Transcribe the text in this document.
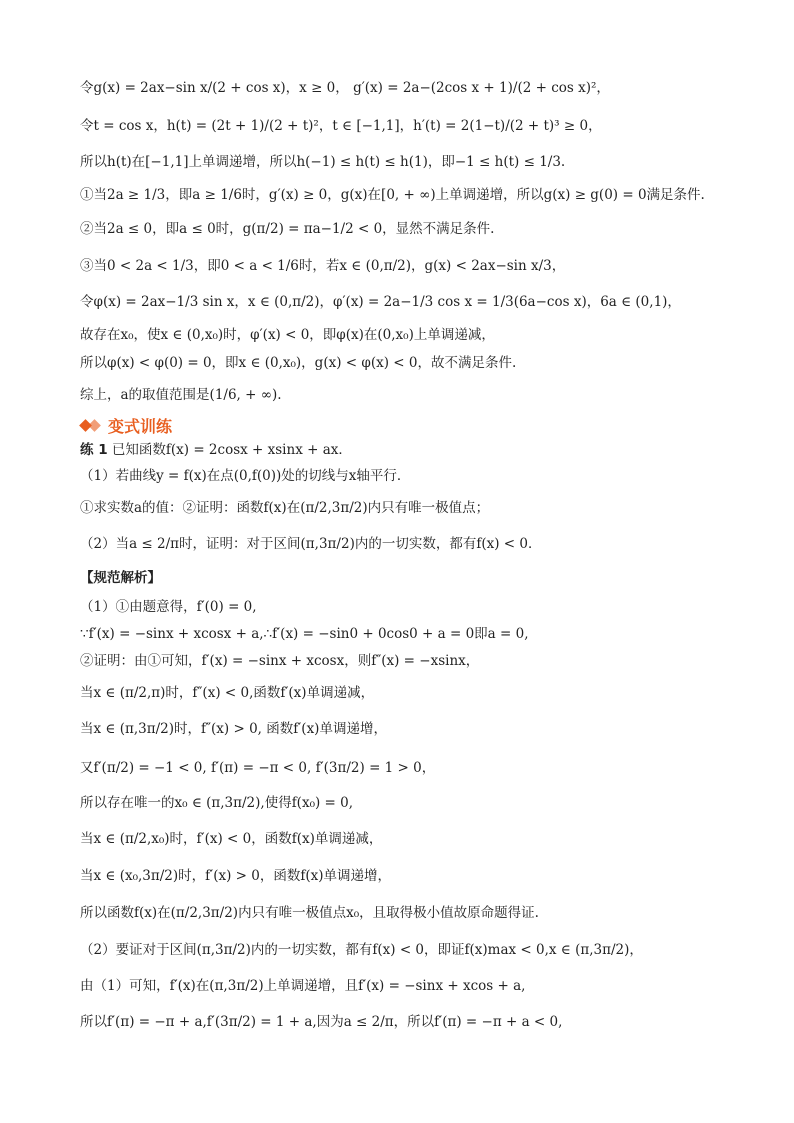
令g(x) = 2ax−sin x/(2 + cos x)，x ≥ 0， g′(x) = 2a−(2cos x + 1)/(2 + cos x)²，
令t = cos x，h(t) = (2t + 1)/(2 + t)²，t ∈ [−1,1]，h′(t) = 2(1−t)/(2 + t)³ ≥ 0，
所以h(t)在[−1,1]上单调递增，所以h(−1) ≤ h(t) ≤ h(1)，即−1 ≤ h(t) ≤ 1/3.
①当2a ≥ 1/3，即a ≥ 1/6时，g′(x) ≥ 0，g(x)在[0, + ∞)上单调递增，所以g(x) ≥ g(0) = 0满足条件.
②当2a ≤ 0，即a ≤ 0时，g(π/2) = πa−1/2 < 0，显然不满足条件.
③当0 < 2a < 1/3，即0 < a < 1/6时，若x ∈ (0,π/2)，g(x) < 2ax−sin x/3，
令φ(x) = 2ax−1/3 sin x，x ∈ (0,π/2)，φ′(x) = 2a−1/3 cos x = 1/3(6a−cos x)，6a ∈ (0,1)，
故存在x₀，使x ∈ (0,x₀)时，φ′(x) < 0，即φ(x)在(0,x₀)上单调递减，
所以φ(x) < φ(0) = 0，即x ∈ (0,x₀)，g(x) < φ(x) < 0，故不满足条件.
综上，a的取值范围是(1/6, + ∞).
变式训练
练 1 已知函数f(x) = 2cosx + xsinx + ax．
（1）若曲线y = f(x)在点(0,f(0))处的切线与x轴平行．
①求实数a的值：②证明：函数f(x)在(π/2,3π/2)内只有唯一极值点；
（2）当a ≤ 2/π时，证明：对于区间(π,3π/2)内的一切实数，都有f(x) < 0．
【规范解析】
（1）①由题意得，f′(0) = 0,
∵f′(x) = −sinx + xcosx + a,∴f′(x) = −sin0 + 0cos0 + a = 0即a = 0,
②证明：由①可知，f′(x) = −sinx + xcosx，则f″(x) = −xsinx，
当x ∈ (π/2,π)时，f″(x) < 0,函数f′(x)单调递减，
当x ∈ (π,3π/2)时，f″(x) > 0, 函数f′(x)单调递增，
又f′(π/2) = −1 < 0, f′(π) = −π < 0, f′(3π/2) = 1 > 0，
所以存在唯一的x₀ ∈ (π,3π/2),使得f(x₀) = 0,
当x ∈ (π/2,x₀)时，f′(x) < 0，函数f(x)单调递减，
当x ∈ (x₀,3π/2)时，f′(x) > 0，函数f(x)单调递增，
所以函数f(x)在(π/2,3π/2)内只有唯一极值点x₀，且取得极小值故原命题得证.
（2）要证对于区间(π,3π/2)内的一切实数，都有f(x) < 0，即证f(x)max < 0,x ∈ (π,3π/2)，
由（1）可知，f′(x)在(π,3π/2)上单调递增，且f′(x) = −sinx + xcos + a,
所以f′(π) = −π + a,f′(3π/2) = 1 + a,因为a ≤ 2/π，所以f′(π) = −π + a < 0,
